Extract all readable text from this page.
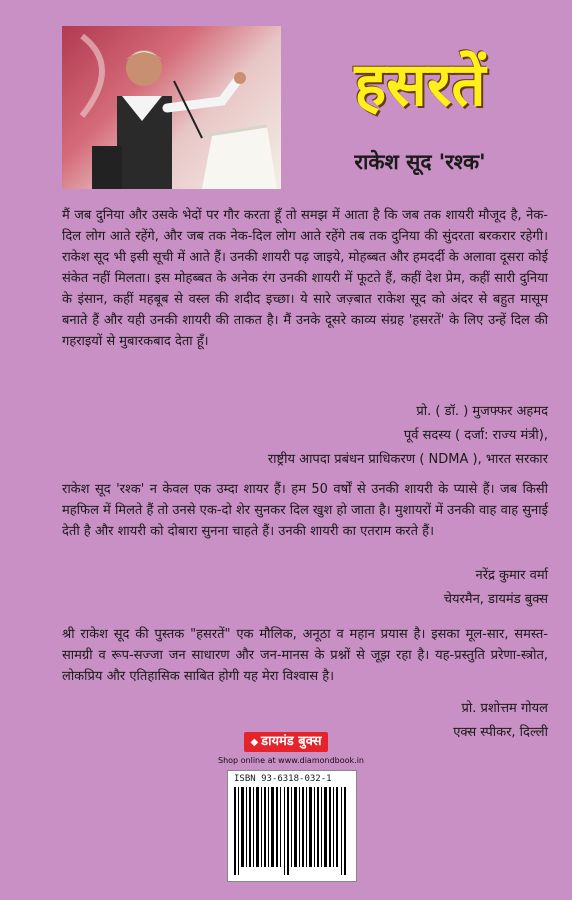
हसरतें
राकेश सूद 'रश्क'
मैं जब दुनिया और उसके भेदों पर गौर करता हूँ तो समझ में आता है कि जब तक शायरी मौजूद है, नेक-दिल लोग आते रहेंगे, और जब तक नेक-दिल लोग आते रहेंगे तब तक दुनिया की सुंदरता बरकरार रहेगी। राकेश सूद भी इसी सूची में आते हैं। उनकी शायरी पढ़ जाइये, मोहब्बत और हमदर्दी के अलावा दूसरा कोई संकेत नहीं मिलता। इस मोहब्बत के अनेक रंग उनकी शायरी में फूटते हैं, कहीं देश प्रेम, कहीं सारी दुनिया के इंसान, कहीं महबूब से वस्ल की शदीद इच्छा। ये सारे जज़्बात राकेश सूद को अंदर से बहुत मासूम बनाते हैं और यही उनकी शायरी की ताकत है। मैं उनके दूसरे काव्य संग्रह 'हसरतें' के लिए उन्हें दिल की गहराइयों से मुबारकबाद देता हूँ।
प्रो. ( डॉ. ) मुजफ्फर अहमद
पूर्व सदस्य ( दर्जा: राज्य मंत्री),
राष्ट्रीय आपदा प्रबंधन प्राधिकरण ( NDMA ), भारत सरकार
राकेश सूद 'रश्क' न केवल एक उम्दा शायर हैं। हम 50 वर्षों से उनकी शायरी के प्यासे हैं। जब किसी महफिल में मिलते हैं तो उनसे एक-दो शेर सुनकर दिल खुश हो जाता है। मुशायरों में उनकी वाह वाह सुनाई देती है और शायरी को दोबारा सुनना चाहते हैं। उनकी शायरी का एतराम करते हैं।
नरेंद्र कुमार वर्मा
चेयरमैन, डायमंड बुक्स
श्री राकेश सूद की पुस्तक "हसरतें" एक मौलिक, अनूठा व महान प्रयास है। इसका मूल-सार, समस्त- सामग्री व रूप-सज्जा जन साधारण और जन-मानस के प्रश्नों से जूझ रहा है। यह-प्रस्तुति प्ररेणा-स्त्रोत, लोकप्रिय और एतिहासिक साबित होगी यह मेरा विश्वास है।
प्रो. प्रशोत्तम गोयल
एक्स स्पीकर, दिल्ली
◆ डायमंड बुक्स
Shop online at www.diamondbook.in
ISBN 93-6318-032-1
